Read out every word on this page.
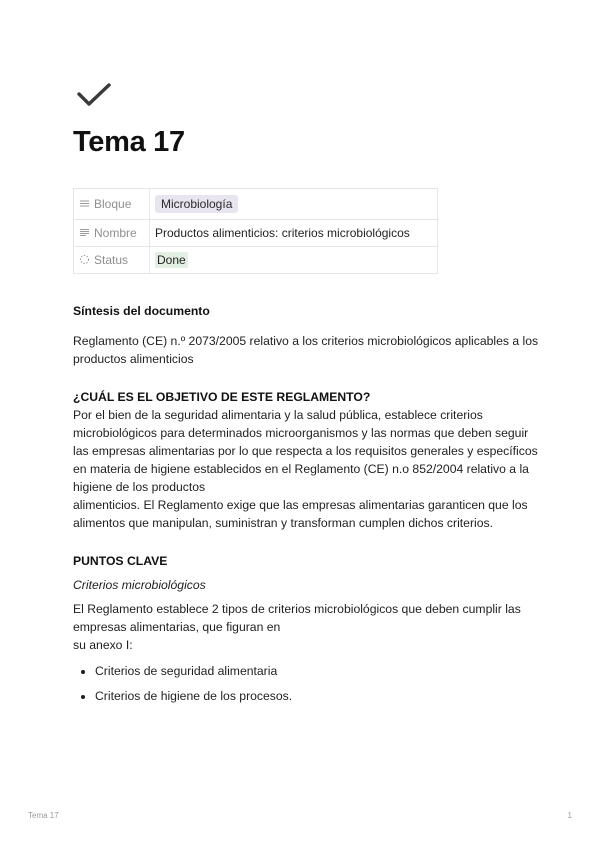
Tema 17
Bloque	Microbiología
Nombre	Productos alimenticios: criterios microbiológicos
Status	Done

Síntesis del documento

Reglamento (CE) n.º 2073/2005 relativo a los criterios microbiológicos aplicables a los productos alimenticios

¿CUÁL ES EL OBJETIVO DE ESTE REGLAMENTO?

Por el bien de la seguridad alimentaria y la salud pública, establece criterios microbiológicos para determinados microorganismos y las normas que deben seguir las empresas alimentarias por lo que respecta a los requisitos generales y específicos en materia de higiene establecidos en el Reglamento (CE) n.o 852/2004 relativo a la higiene de los productos

alimenticios. El Reglamento exige que las empresas alimentarias garanticen que los alimentos que manipulan, suministran y transforman cumplen dichos criterios.

PUNTOS CLAVE

Criterios microbiológicos

El Reglamento establece 2 tipos de criterios microbiológicos que deben cumplir las empresas alimentarias, que figuran en

su anexo I:

• Criterios de seguridad alimentaria
• Criterios de higiene de los procesos.
Tema 17	1
